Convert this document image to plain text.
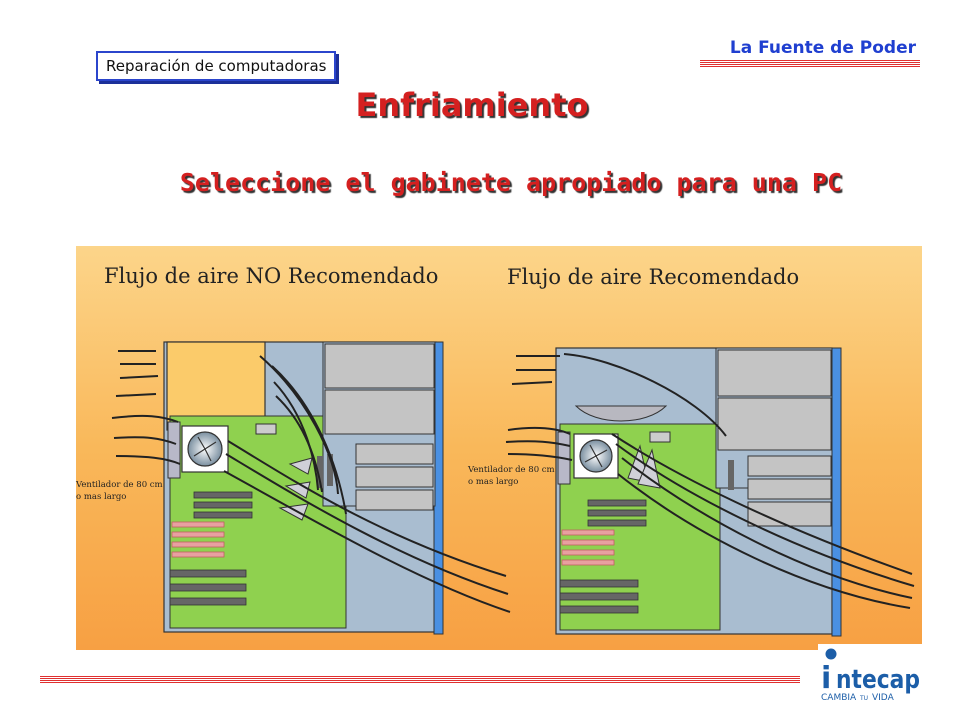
La Fuente de Poder
Reparación de computadoras
Enfriamiento
Seleccione el gabinete apropiado para una PC
Flujo de aire NO Recomendado
Ventilador de 80 cm
o mas largo
Flujo de aire Recomendado
Ventilador de 80 cm
o mas largo
i ntecap
CAMBIA TU VIDA
